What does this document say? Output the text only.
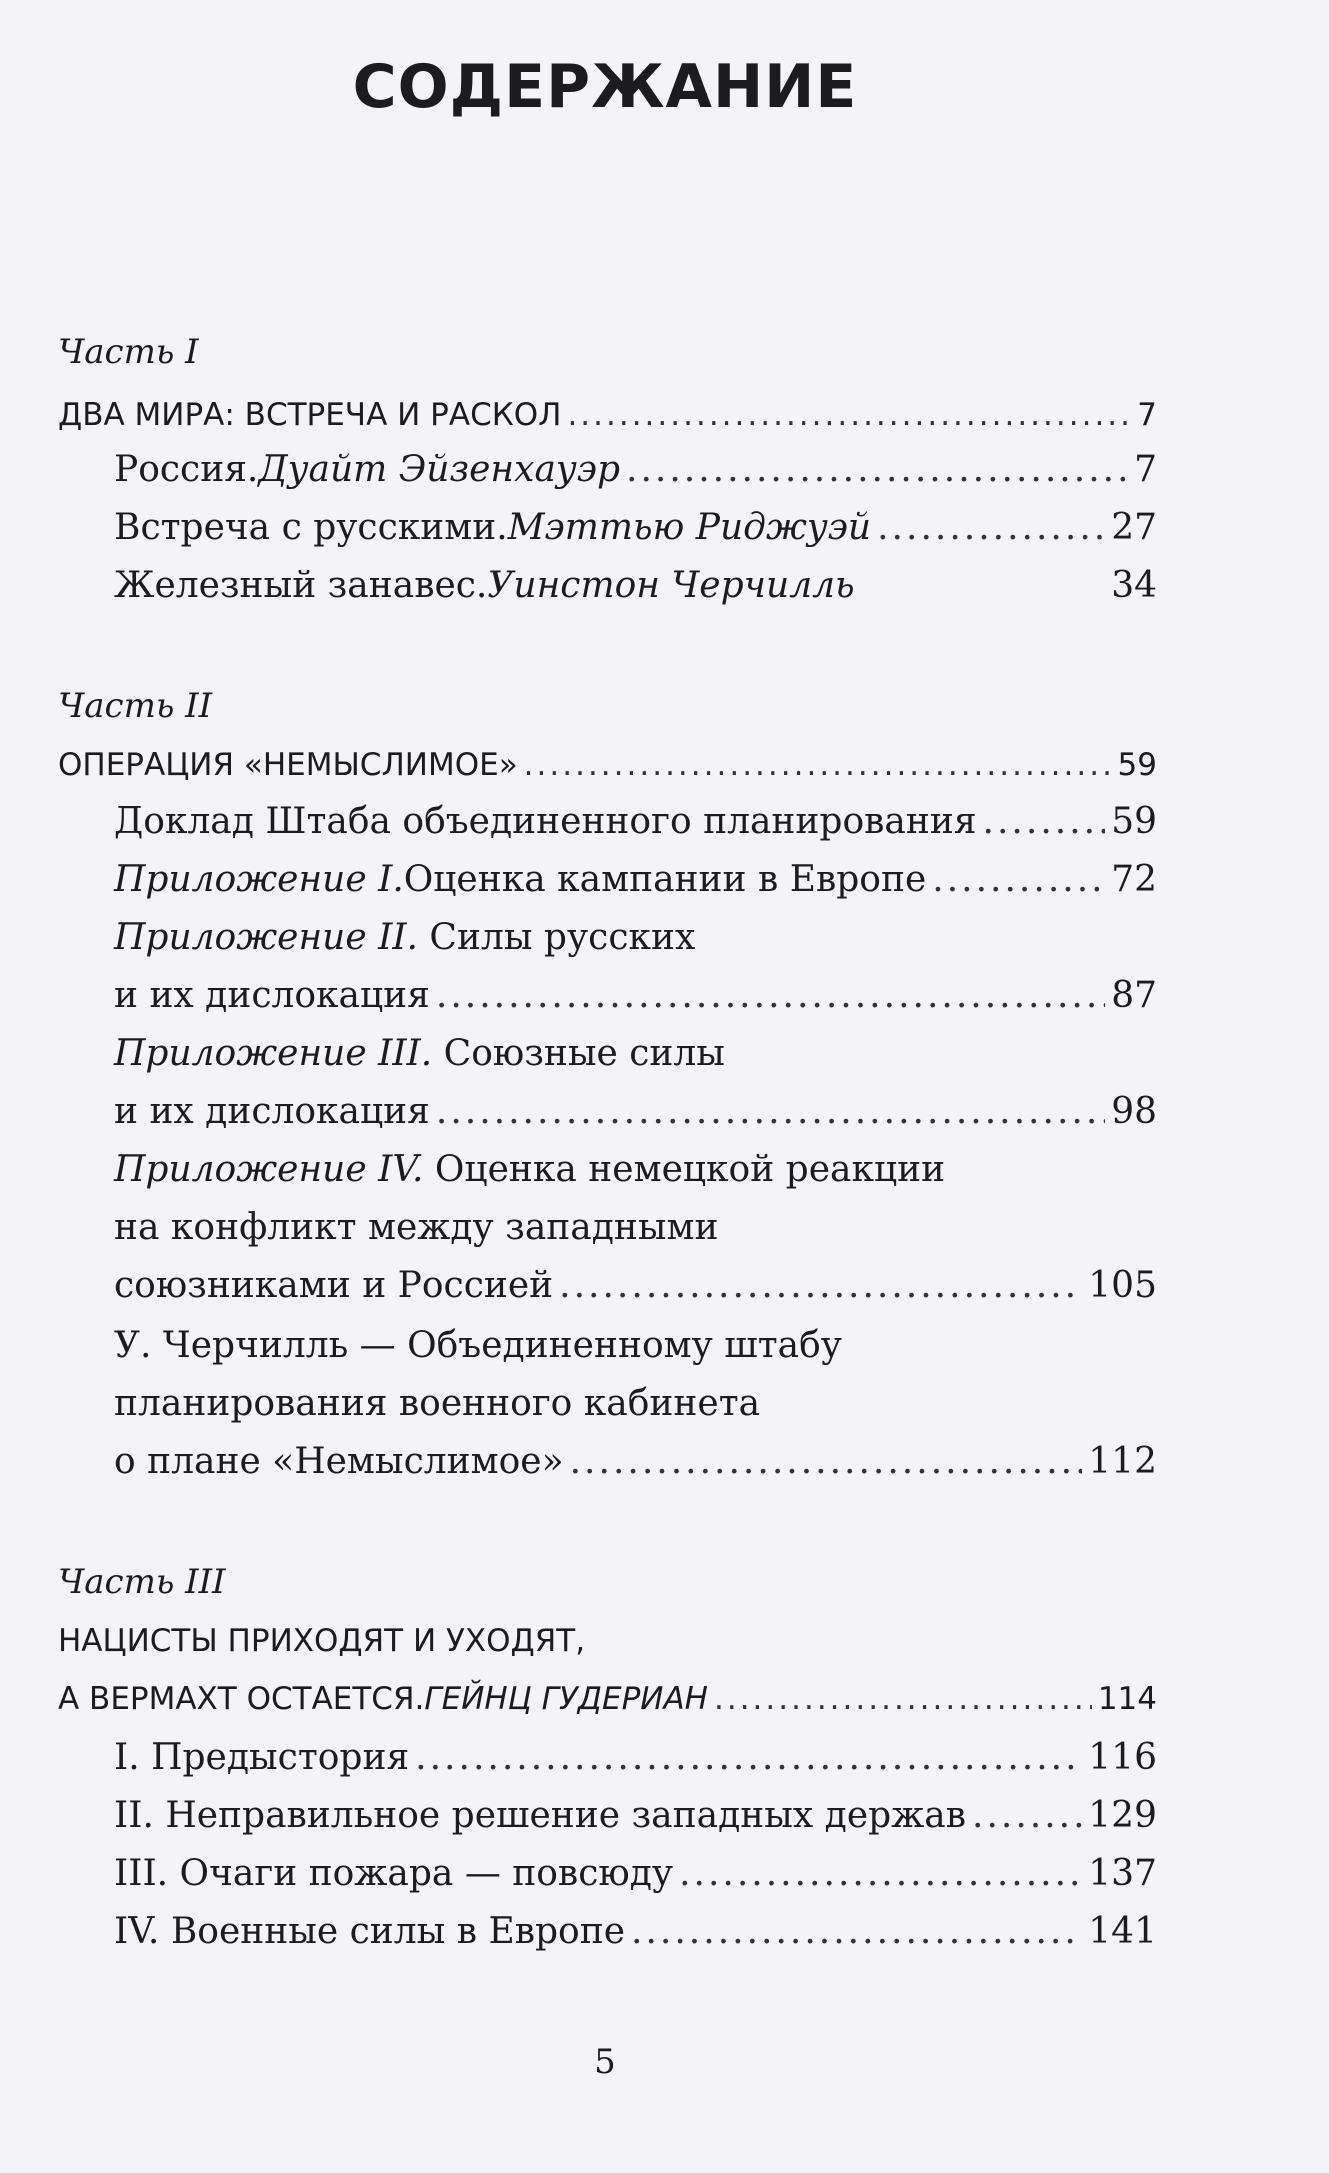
СОДЕРЖАНИЕ
Часть I
ДВА МИРА: ВСТРЕЧА И РАСКОЛ .....	7
Россия. Дуайт Эйзенхауэр .....	7
Встреча с русскими. Мэттью Риджуэй .....	27
Железный занавес. Уинстон Черчилль	34
Часть II
ОПЕРАЦИЯ «НЕМЫСЛИМОЕ» .....	59
Доклад Штаба объединенного планирования .....	59
Приложение I. Оценка кампании в Европе .....	72
Приложение II. Силы русских
и их дислокация .....	87
Приложение III. Союзные силы
и их дислокация .....	98
Приложение IV. Оценка немецкой реакции
на конфликт между западными
союзниками и Россией .....	105
У. Черчилль — Объединенному штабу
планирования военного кабинета
о плане «Немыслимое» .....	112
Часть III
НАЦИСТЫ ПРИХОДЯТ И УХОДЯТ,
А ВЕРМАХТ ОСТАЕТСЯ. ГЕЙНЦ ГУДЕРИАН .....	114
I. Предыстория .....	116
II. Неправильное решение западных держав .....	129
III. Очаги пожара — повсюду .....	137
IV. Военные силы в Европе .....	141
5
